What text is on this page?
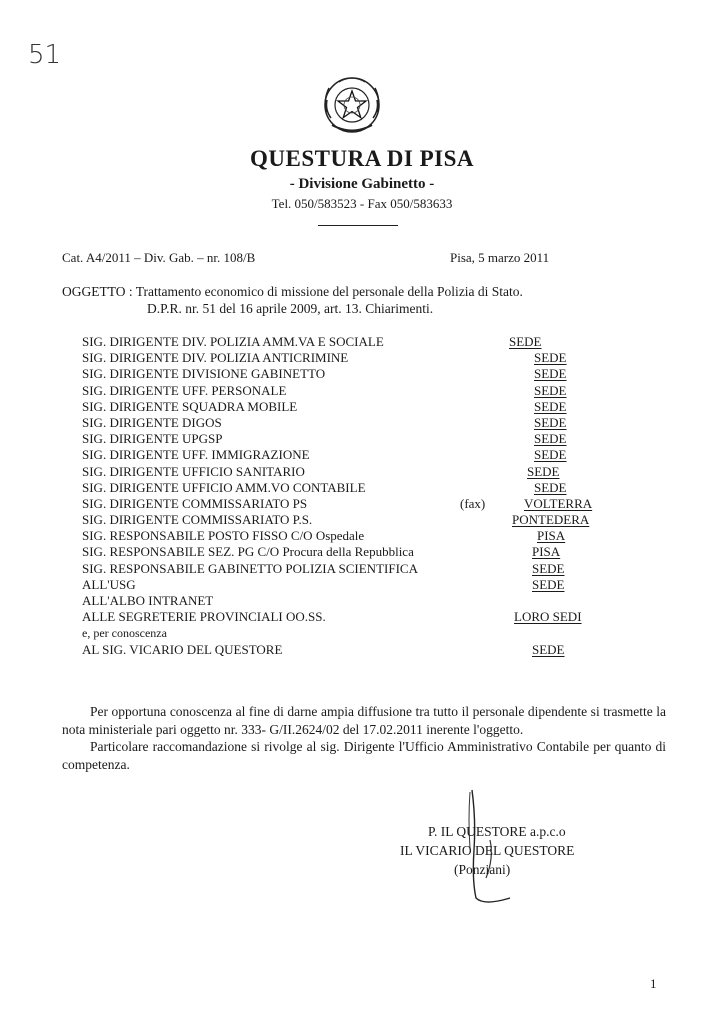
51
QUESTURA DI PISA
- Divisione Gabinetto -
Tel. 050/583523 - Fax 050/583633
Cat. A4/2011 – Div. Gab. – nr. 108/B	Pisa, 5 marzo 2011
OGGETTO : Trattamento economico di missione del personale della Polizia di Stato.
D.P.R. nr. 51 del 16 aprile 2009, art. 13. Chiarimenti.
SIG. DIRIGENTE DIV. POLIZIA AMM.VA E SOCIALE	SEDE
SIG. DIRIGENTE DIV. POLIZIA ANTICRIMINE	SEDE
SIG. DIRIGENTE DIVISIONE GABINETTO	SEDE
SIG. DIRIGENTE UFF. PERSONALE	SEDE
SIG. DIRIGENTE SQUADRA MOBILE	SEDE
SIG. DIRIGENTE DIGOS	SEDE
SIG. DIRIGENTE UPGSP	SEDE
SIG. DIRIGENTE UFF. IMMIGRAZIONE	SEDE
SIG. DIRIGENTE UFFICIO SANITARIO	SEDE
SIG. DIRIGENTE UFFICIO AMM.VO CONTABILE	SEDE
SIG. DIRIGENTE COMMISSARIATO PS	(fax)	VOLTERRA
SIG. DIRIGENTE COMMISSARIATO P.S.	PONTEDERA
SIG. RESPONSABILE POSTO FISSO C/O Ospedale	PISA
SIG. RESPONSABILE SEZ. PG C/O Procura della Repubblica	PISA
SIG. RESPONSABILE GABINETTO POLIZIA SCIENTIFICA	SEDE
ALL'USG	SEDE
ALL'ALBO INTRANET
ALLE SEGRETERIE PROVINCIALI OO.SS.	LORO SEDI
e, per conoscenza
AL SIG. VICARIO DEL QUESTORE	SEDE

Per opportuna conoscenza al fine di darne ampia diffusione tra tutto il personale dipendente si trasmette la nota ministeriale pari oggetto nr. 333- G/II.2624/02 del 17.02.2011 inerente l'oggetto.

Particolare raccomandazione si rivolge al sig. Dirigente l'Ufficio Amministrativo Contabile per quanto di competenza.

P. IL QUESTORE a.p.c.o
IL VICARIO DEL QUESTORE
(Ponziani)
1
